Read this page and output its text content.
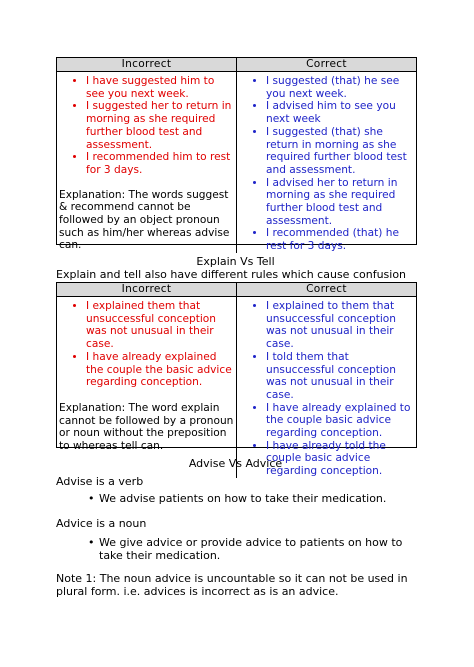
Incorrect	Correct
• I have suggested him to see you next week.
• I suggested her to return in morning as she required further blood test and assessment.
• I recommended him to rest for 3 days.
Explanation: The words suggest & recommend cannot be followed by an object pronoun such as him/her whereas advise can.
• I suggested (that) he see you next week.
• I advised him to see you next week
• I suggested (that) she return in morning as she required further blood test and assessment.
• I advised her to return in morning as she required further blood test and assessment.
• I recommended (that) he rest for 3 days.
Explain Vs Tell
Explain and tell also have different rules which cause confusion
Incorrect	Correct
• I explained them that unsuccessful conception was not unusual in their case.
• I have already explained the couple the basic advice regarding conception.
Explanation: The word explain cannot be followed by a pronoun or noun without the preposition to whereas tell can.
• I explained to them that unsuccessful conception was not unusual in their case.
• I told them that unsuccessful conception was not unusual in their case.
• I have already explained to the couple basic advice regarding conception.
• I have already told the couple basic advice regarding conception.
Advise Vs Advice
Advise is a verb
• We advise patients on how to take their medication.
Advice is a noun
• We give advice or provide advice to patients on how to take their medication.
Note 1: The noun advice is uncountable so it can not be used in plural form. i.e. advices is incorrect as is an advice.
